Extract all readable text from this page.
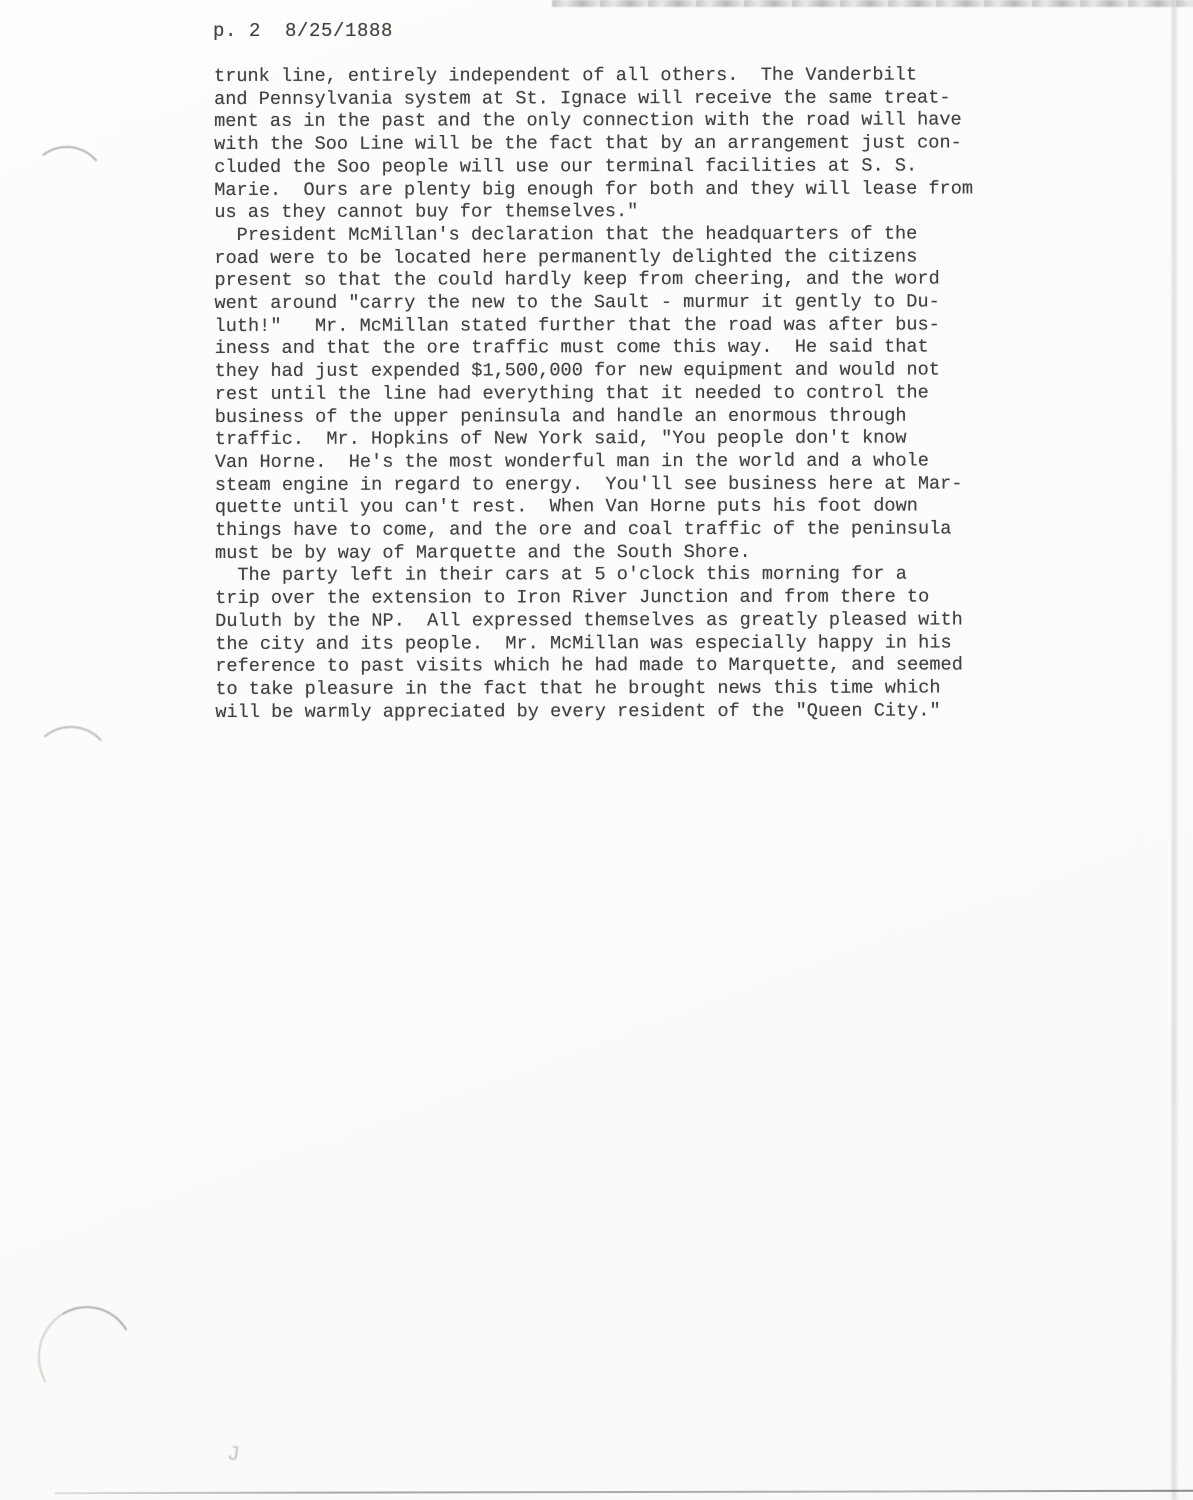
p. 2  8/25/1888
trunk line, entirely independent of all others.  The Vanderbilt
and Pennsylvania system at St. Ignace will receive the same treat-
ment as in the past and the only connection with the road will have
with the Soo Line will be the fact that by an arrangement just con-
cluded the Soo people will use our terminal facilities at S. S.
Marie.  Ours are plenty big enough for both and they will lease from
us as they cannot buy for themselves."
President McMillan's declaration that the headquarters of the
road were to be located here permanently delighted the citizens
present so that the could hardly keep from cheering, and the word
went around "carry the new to the Sault - murmur it gently to Du-
luth!"   Mr. McMillan stated further that the road was after bus-
iness and that the ore traffic must come this way.  He said that
they had just expended $1,500,000 for new equipment and would not
rest until the line had everything that it needed to control the
business of the upper peninsula and handle an enormous through
traffic.  Mr. Hopkins of New York said, "You people don't know
Van Horne.  He's the most wonderful man in the world and a whole
steam engine in regard to energy.  You'll see business here at Mar-
quette until you can't rest.  When Van Horne puts his foot down
things have to come, and the ore and coal traffic of the peninsula
must be by way of Marquette and the South Shore.
The party left in their cars at 5 o'clock this morning for a
trip over the extension to Iron River Junction and from there to
Duluth by the NP.  All expressed themselves as greatly pleased with
the city and its people.  Mr. McMillan was especially happy in his
reference to past visits which he had made to Marquette, and seemed
to take pleasure in the fact that he brought news this time which
will be warmly appreciated by every resident of the "Queen City."
J
